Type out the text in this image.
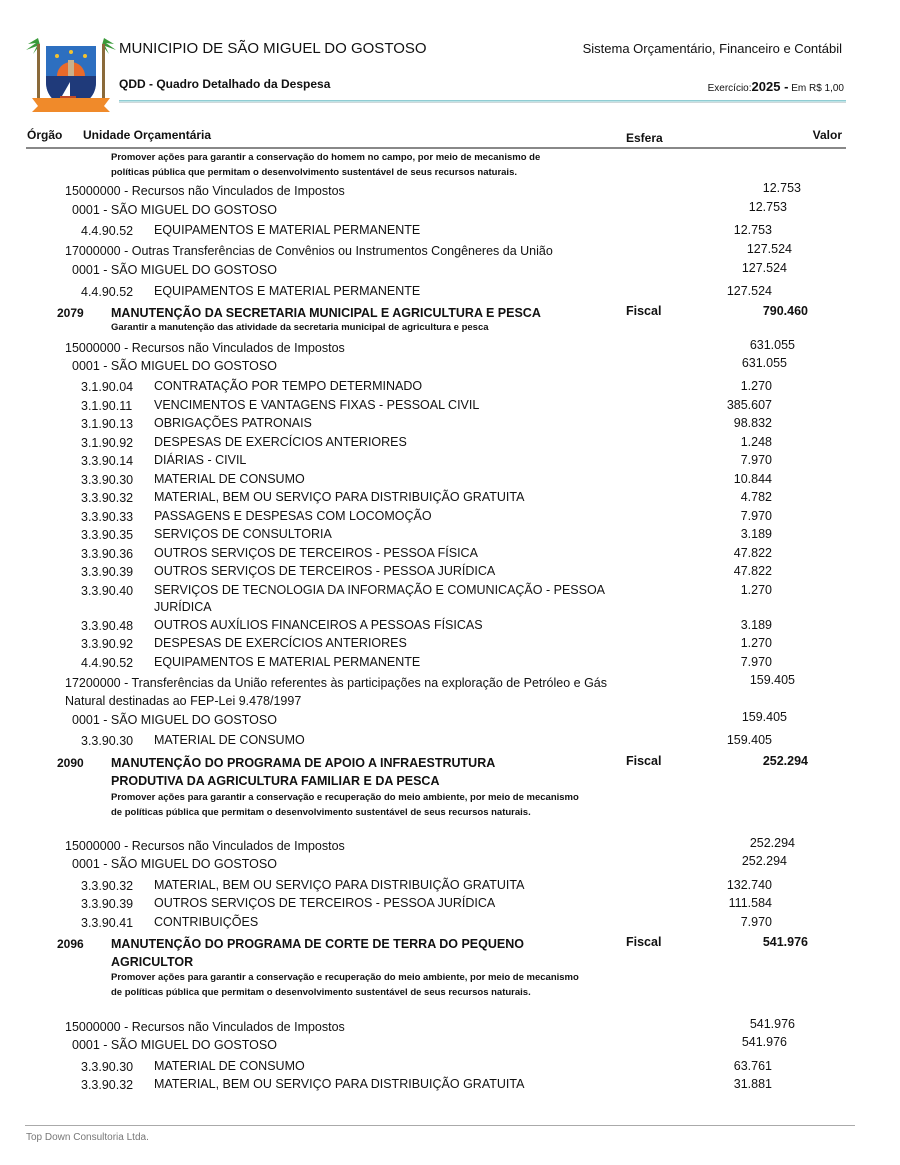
MUNICIPIO DE SÃO MIGUEL DO GOSTOSO
QDD - Quadro Detalhado da Despesa
Sistema Orçamentário, Financeiro e Contábil
Exercício:2025 - Em R$ 1,00
Órgão Unidade Orçamentária	Esfera	Valor
Promover ações para garantir a conservação do homem no campo, por meio de mecanismo de políticas pública que permitam o desenvolvimento sustentável de seus recursos naturais.
15000000 - Recursos não Vinculados de Impostos	12.753
0001 - SÃO MIGUEL DO GOSTOSO	12.753
4.4.90.52 EQUIPAMENTOS E MATERIAL PERMANENTE	12.753
17000000 - Outras Transferências de Convênios ou Instrumentos Congêneres da União	127.524
0001 - SÃO MIGUEL DO GOSTOSO	127.524
4.4.90.52 EQUIPAMENTOS E MATERIAL PERMANENTE	127.524
2079 MANUTENÇÃO DA SECRETARIA MUNICIPAL E AGRICULTURA E PESCA	Fiscal	790.460
Garantir a manutenção das atividade da secretaria municipal de agricultura e pesca
15000000 - Recursos não Vinculados de Impostos	631.055
0001 - SÃO MIGUEL DO GOSTOSO	631.055
3.1.90.04 CONTRATAÇÃO POR TEMPO DETERMINADO	1.270
3.1.90.11 VENCIMENTOS E VANTAGENS FIXAS - PESSOAL CIVIL	385.607
3.1.90.13 OBRIGAÇÕES PATRONAIS	98.832
3.1.90.92 DESPESAS DE EXERCÍCIOS ANTERIORES	1.248
3.3.90.14 DIÁRIAS - CIVIL	7.970
3.3.90.30 MATERIAL DE CONSUMO	10.844
3.3.90.32 MATERIAL, BEM OU SERVIÇO PARA DISTRIBUIÇÃO GRATUITA	4.782
3.3.90.33 PASSAGENS E DESPESAS COM LOCOMOÇÃO	7.970
3.3.90.35 SERVIÇOS DE CONSULTORIA	3.189
3.3.90.36 OUTROS SERVIÇOS DE TERCEIROS - PESSOA FÍSICA	47.822
3.3.90.39 OUTROS SERVIÇOS DE TERCEIROS - PESSOA JURÍDICA	47.822
3.3.90.40 SERVIÇOS DE TECNOLOGIA DA INFORMAÇÃO E COMUNICAÇÃO - PESSOA JURÍDICA
1.270
3.3.90.48 OUTROS AUXÍLIOS FINANCEIROS A PESSOAS FÍSICAS	3.189
3.3.90.92 DESPESAS DE EXERCÍCIOS ANTERIORES	1.270
4.4.90.52 EQUIPAMENTOS E MATERIAL PERMANENTE	7.970
17200000 - Transferências da União referentes às participações na exploração de Petróleo e Gás Natural destinadas ao FEP-Lei 9.478/1997
159.405
0001 - SÃO MIGUEL DO GOSTOSO	159.405
3.3.90.30 MATERIAL DE CONSUMO	159.405
2090 MANUTENÇÃO DO PROGRAMA DE APOIO A INFRAESTRUTURA PRODUTIVA DA AGRICULTURA FAMILIAR E DA PESCA
Fiscal	252.294
Promover ações para garantir a conservação e recuperação do meio ambiente, por meio de mecanismo de políticas pública que permitam o desenvolvimento sustentável de seus recursos naturais.
15000000 - Recursos não Vinculados de Impostos	252.294
0001 - SÃO MIGUEL DO GOSTOSO	252.294
3.3.90.32 MATERIAL, BEM OU SERVIÇO PARA DISTRIBUIÇÃO GRATUITA	132.740
3.3.90.39 OUTROS SERVIÇOS DE TERCEIROS - PESSOA JURÍDICA	111.584
3.3.90.41 CONTRIBUIÇÕES	7.970
2096 MANUTENÇÃO DO PROGRAMA DE CORTE DE TERRA DO PEQUENO AGRICULTOR
Fiscal	541.976
Promover ações para garantir a conservação e recuperação do meio ambiente, por meio de mecanismo de políticas pública que permitam o desenvolvimento sustentável de seus recursos naturais.
15000000 - Recursos não Vinculados de Impostos	541.976
0001 - SÃO MIGUEL DO GOSTOSO	541.976
3.3.90.30 MATERIAL DE CONSUMO	63.761
3.3.90.32 MATERIAL, BEM OU SERVIÇO PARA DISTRIBUIÇÃO GRATUITA	31.881
Top Down Consultoria Ltda.
